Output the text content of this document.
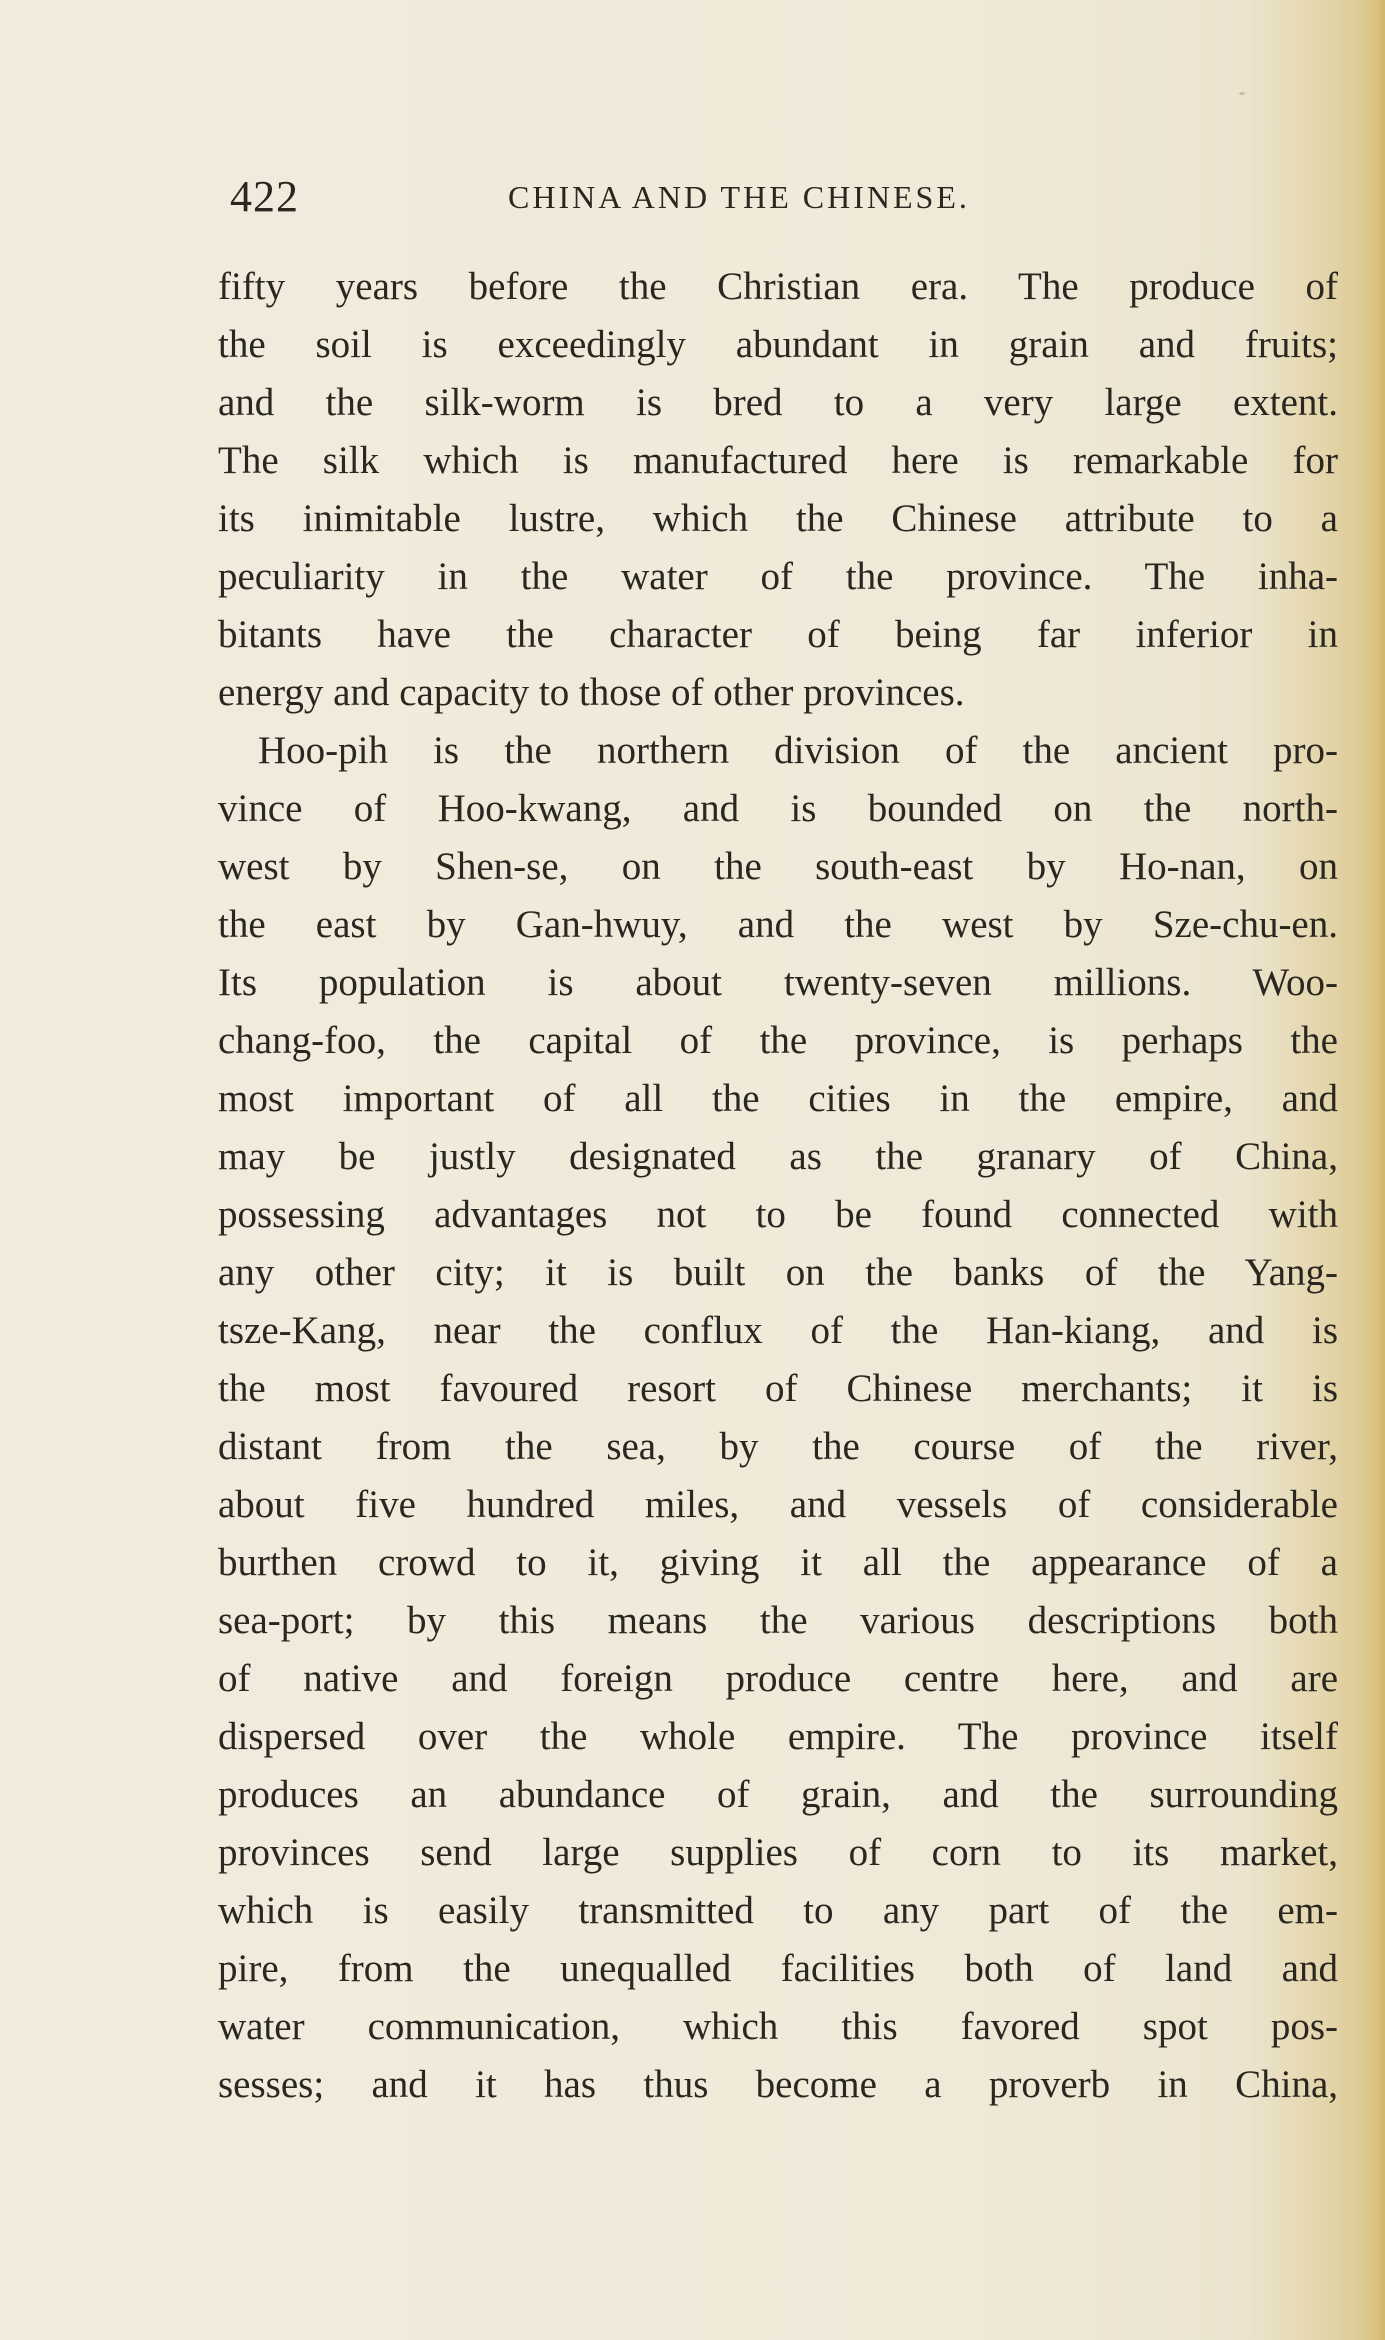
422	CHINA AND THE CHINESE.
fifty years before the Christian era. The produce of
the soil is exceedingly abundant in grain and fruits;
and the silk-worm is bred to a very large extent.
The silk which is manufactured here is remarkable for
its inimitable lustre, which the Chinese attribute to a
peculiarity in the water of the province. The inha-
bitants have the character of being far inferior in
energy and capacity to those of other provinces.
Hoo-pih is the northern division of the ancient pro-
vince of Hoo-kwang, and is bounded on the north-
west by Shen-se, on the south-east by Ho-nan, on
the east by Gan-hwuy, and the west by Sze-chu-en.
Its population is about twenty-seven millions. Woo-
chang-foo, the capital of the province, is perhaps the
most important of all the cities in the empire, and
may be justly designated as the granary of China,
possessing advantages not to be found connected with
any other city; it is built on the banks of the Yang-
tsze-Kang, near the conflux of the Han-kiang, and is
the most favoured resort of Chinese merchants; it is
distant from the sea, by the course of the river,
about five hundred miles, and vessels of considerable
burthen crowd to it, giving it all the appearance of a
sea-port; by this means the various descriptions both
of native and foreign produce centre here, and are
dispersed over the whole empire. The province itself
produces an abundance of grain, and the surrounding
provinces send large supplies of corn to its market,
which is easily transmitted to any part of the em-
pire, from the unequalled facilities both of land and
water communication, which this favored spot pos-
sesses; and it has thus become a proverb in China,
